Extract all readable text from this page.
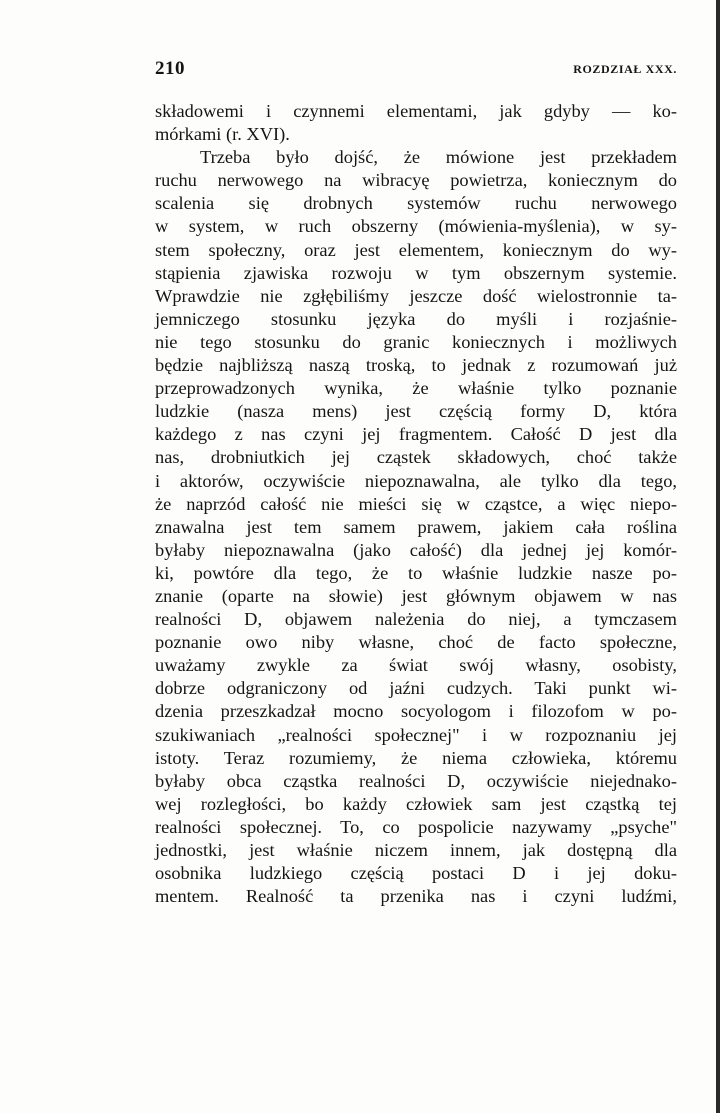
210	ROZDZIAŁ XXX.
składowemi i czynnemi elementami, jak gdyby — ko-
mórkami (r. XVI).
Trzeba było dojść, że mówione jest przekładem
ruchu nerwowego na wibracyę powietrza, koniecznym do
scalenia się drobnych systemów ruchu nerwowego
w system, w ruch obszerny (mówienia-myślenia), w sy-
stem społeczny, oraz jest elementem, koniecznym do wy-
stąpienia zjawiska rozwoju w tym obszernym systemie.
Wprawdzie nie zgłębiliśmy jeszcze dość wielostronnie ta-
jemniczego stosunku języka do myśli i rozjaśnie-
nie tego stosunku do granic koniecznych i możliwych
będzie najbliższą naszą troską, to jednak z rozumowań już
przeprowadzonych wynika, że właśnie tylko poznanie
ludzkie (nasza mens) jest częścią formy D, która
każdego z nas czyni jej fragmentem. Całość D jest dla
nas, drobniutkich jej cząstek składowych, choć także
i aktorów, oczywiście niepoznawalna, ale tylko dla tego,
że naprzód całość nie mieści się w cząstce, a więc niepo-
znawalna jest tem samem prawem, jakiem cała roślina
byłaby niepoznawalna (jako całość) dla jednej jej komór-
ki, powtóre dla tego, że to właśnie ludzkie nasze po-
znanie (oparte na słowie) jest głównym objawem w nas
realności D, objawem należenia do niej, a tymczasem
poznanie owo niby własne, choć de facto społeczne,
uważamy zwykle za świat swój własny, osobisty,
dobrze odgraniczony od jaźni cudzych. Taki punkt wi-
dzenia przeszkadzał mocno socyologom i filozofom w po-
szukiwaniach „realności społecznej" i w rozpoznaniu jej
istoty. Teraz rozumiemy, że niema człowieka, któremu
byłaby obca cząstka realności D, oczywiście niejednako-
wej rozległości, bo każdy człowiek sam jest cząstką tej
realności społecznej. To, co pospolicie nazywamy „psyche"
jednostki, jest właśnie niczem innem, jak dostępną dla
osobnika ludzkiego częścią postaci D i jej doku-
mentem. Realność ta przenika nas i czyni ludźmi,
